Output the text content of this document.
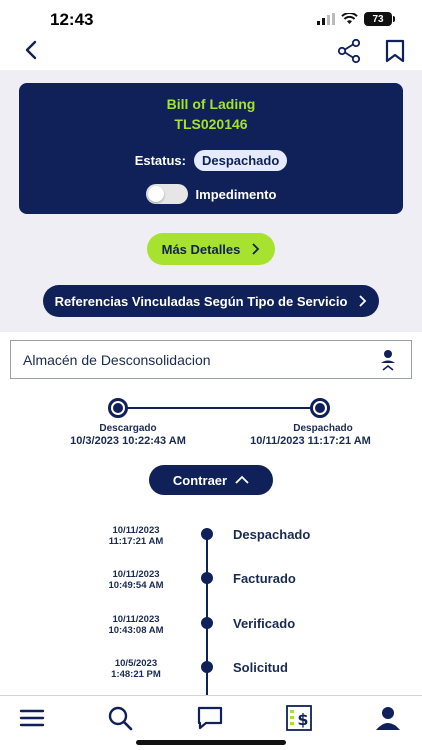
12:43	73
Bill of Lading
TLS020146
Estatus:	Despachado
Impedimento
Más Detalles
Referencias Vinculadas Según Tipo de Servicio
Almacén de Desconsolidacion
Descargado
10/3/2023 10:22:43 AM
Despachado
10/11/2023 11:17:21 AM
Contraer
10/11/2023
11:17:21 AM	Despachado
10/11/2023
10:49:54 AM	Facturado
10/11/2023
10:43:08 AM	Verificado
10/5/2023
1:48:21 PM	Solicitud
$
